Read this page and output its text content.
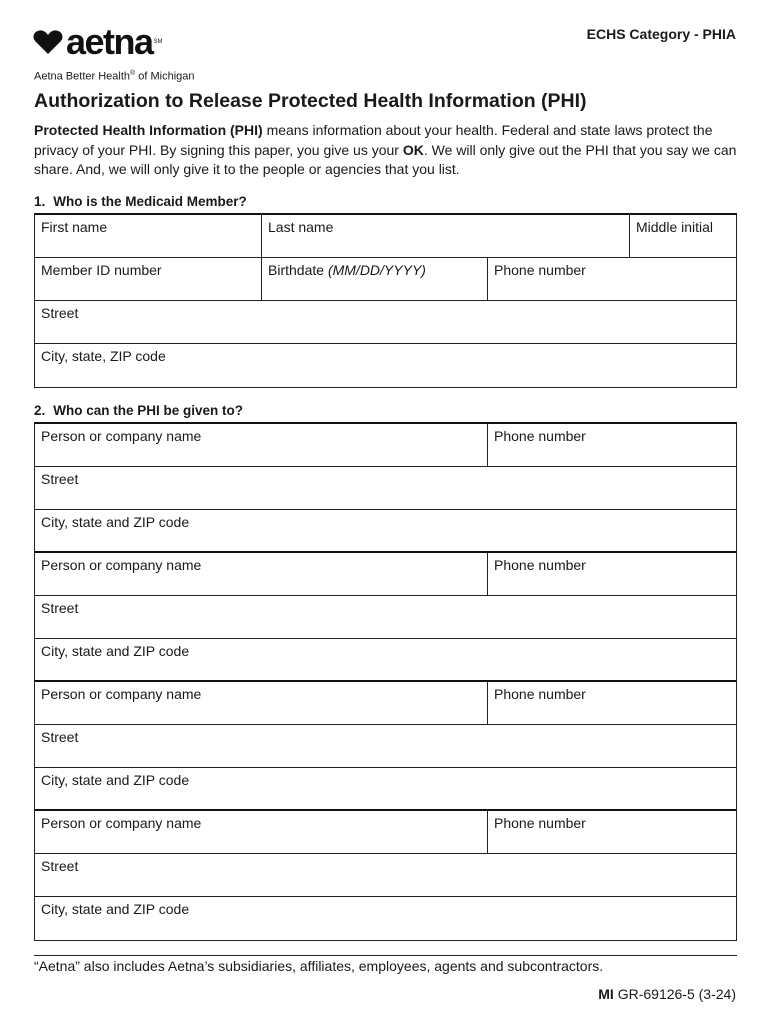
aetna SM	ECHS Category - PHIA
Aetna Better Health® of Michigan
Authorization to Release Protected Health Information (PHI)

Protected Health Information (PHI) means information about your health. Federal and state laws protect the privacy of your PHI. By signing this paper, you give us your OK. We will only give out the PHI that you say we can share. And, we will only give it to the people or agencies that you list.

1. Who is the Medicaid Member?
First name	Last name	Middle initial
Member ID number	Birthdate (MM/DD/YYYY)	Phone number
Street
City, state, ZIP code
2. Who can the PHI be given to?
Person or company name	Phone number
Street
City, state and ZIP code
Person or company name	Phone number
Street
City, state and ZIP code
Person or company name	Phone number
Street
City, state and ZIP code
Person or company name	Phone number
Street
City, state and ZIP code
“Aetna” also includes Aetna’s subsidiaries, affiliates, employees, agents and subcontractors.
MI GR-69126-5 (3-24)
